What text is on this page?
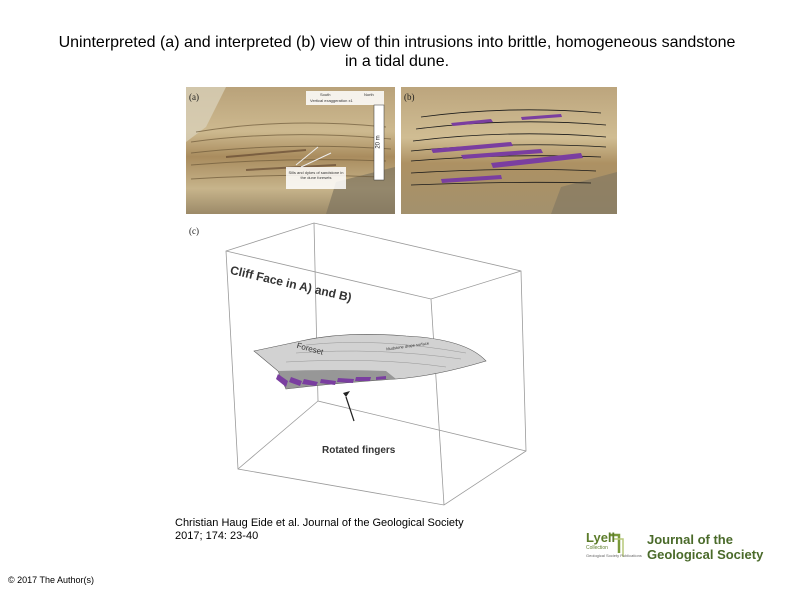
Uninterpreted (a) and interpreted (b) view of thin intrusions into brittle, homogeneous sandstone
in a tidal dune.
(a)	South	North
Vertical exaggeration x1
20 m
Sills and dykes of sandstone in the dune foresets
(b)
(c)
Cliff Face in A) and B)
Foreset	Mudstone drape surface
Rotated fingers
Christian Haug Eide et al. Journal of the Geological Society
2017; 174: 23-40
© 2017 The Author(s)
Lyell
Collection
Geological Society Publications
Journal of the
Geological Society
